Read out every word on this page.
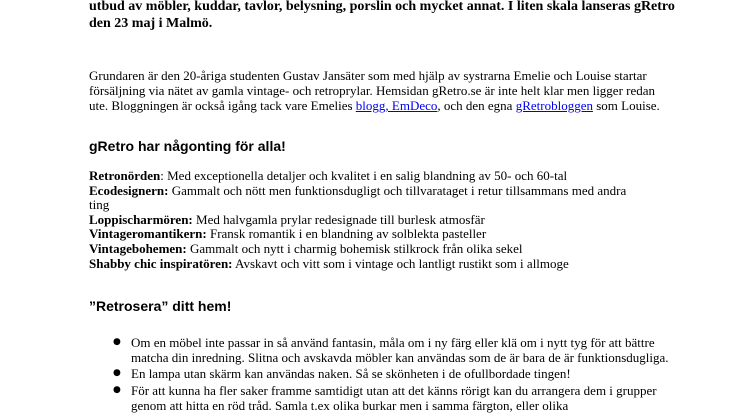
utbud av möbler, kuddar, tavlor, belysning, porslin och mycket annat. I liten skala lanseras gRetro den 23 maj i Malmö.

Grundaren är den 20-åriga studenten Gustav Jansäter som med hjälp av systrarna Emelie och Louise startar försäljning via nätet av gamla vintage- och retroprylar. Hemsidan gRetro.se är inte helt klar men ligger redan ute. Bloggningen är också igång tack vare Emelies blogg, EmDeco, och den egna gRetrobloggen som Louise.

gRetro har någonting för alla!
Retronörden: Med exceptionella detaljer och kvalitet i en salig blandning av 50- och 60-tal
Ecodesignern: Gammalt och nött men funktionsdugligt och tillvarataget i retur tillsammans med andra ting
Loppischarmören: Med halvgamla prylar redesignade till burlesk atmosfär
Vintageromantikern: Fransk romantik i en blandning av solblekta pasteller
Vintagebohemen: Gammalt och nytt i charmig bohemisk stilkrock från olika sekel
Shabby chic inspiratören: Avskavt och vitt som i vintage och lantligt rustikt som i allmoge
”Retrosera” ditt hem!
● Om en möbel inte passar in så använd fantasin, måla om i ny färg eller klä om i nytt tyg för att bättre matcha din inredning. Slitna och avskavda möbler kan användas som de är bara de är funktionsdugliga.
● En lampa utan skärm kan användas naken. Så se skönheten i de ofullbordade tingen!
● För att kunna ha fler saker framme samtidigt utan att det känns rörigt kan du arrangera dem i grupper genom att hitta en röd tråd. Samla t.ex olika burkar men i samma färgton, eller olika
